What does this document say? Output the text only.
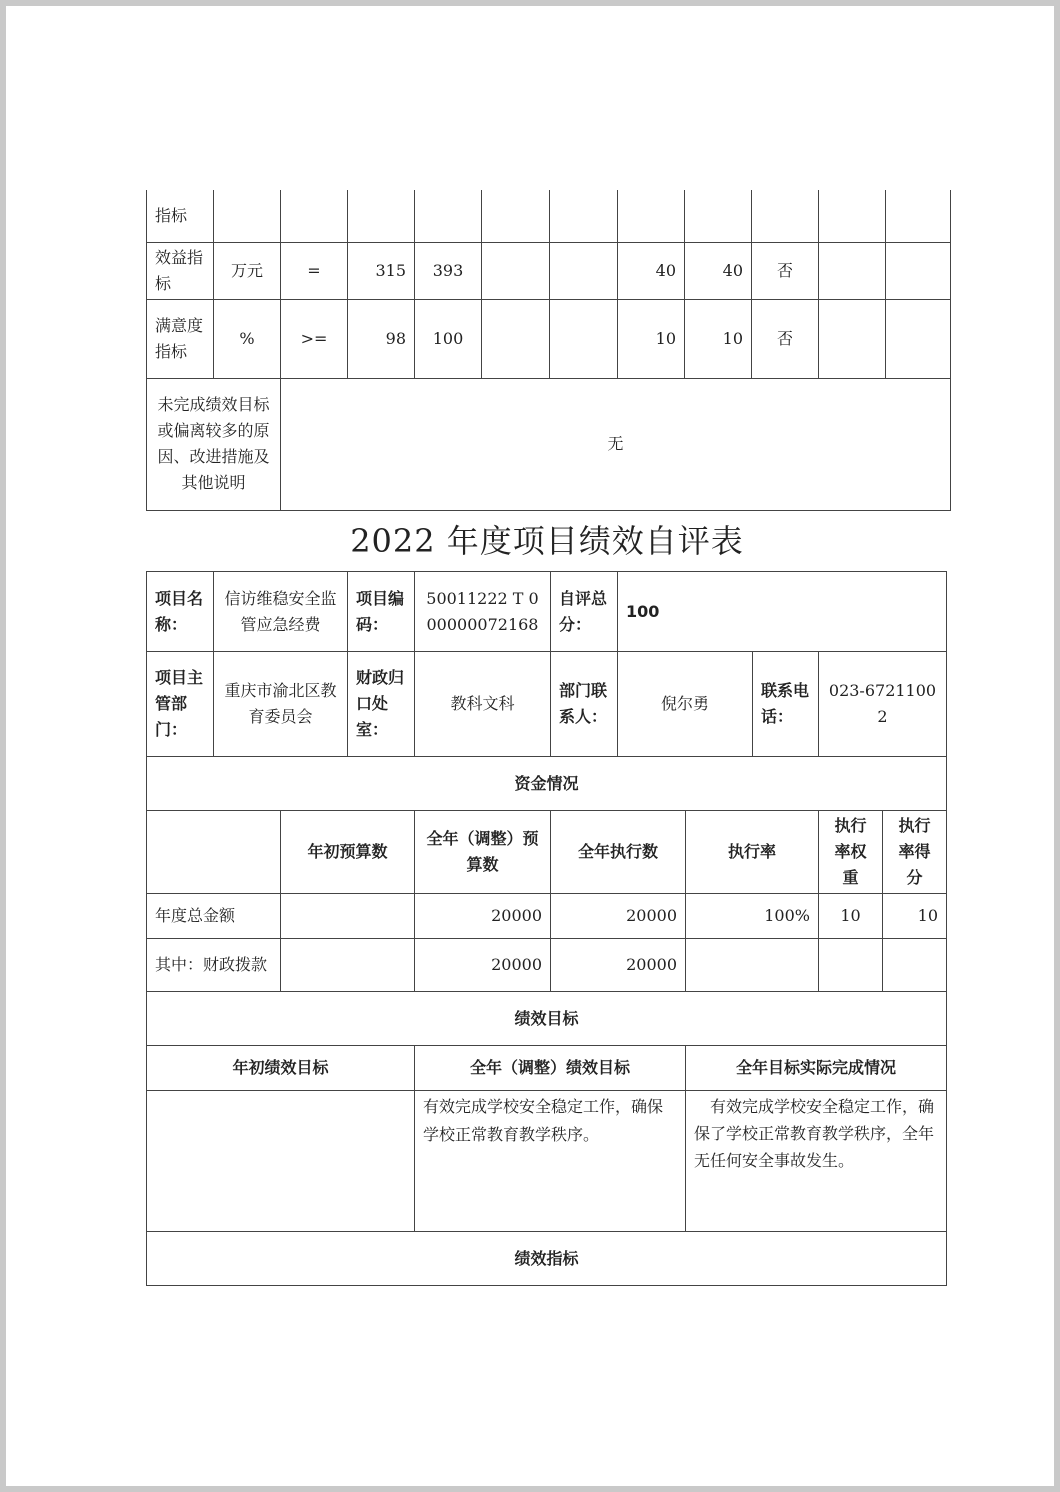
指标											
效益指标	万元	=	315	393			40	40	否		
满意度指标	%	>=	98	100			10	10	否		
未完成绩效目标或偏离较多的原因、改进措施及其他说明		无									
2022 年度项目绩效自评表
项目名称：	信访维稳安全监管应急经费		项目编码：	50011222 T 000000072168	自评总分：	100				
项目主管部门：	重庆市渝北区教育委员会		财政归口处室：	教科文科	部门联系人：	倪尔勇		联系电话：	023-67211002	
资金情况										
		年初预算数		全年（调整）预算数	全年执行数		执行率		执行率权重	执行率得分
年度总金额				20000	20000		100%		10	10
其中：财政拨款				20000	20000					
绩效目标										
年初绩效目标				全年（调整）绩效目标			全年目标实际完成情况			
				有效完成学校安全稳定工作，确保学校正常教育教学秩序。			有效完成学校安全稳定工作，确保了学校正常教育教学秩序，全年无任何安全事故发生。			
绩效指标										
